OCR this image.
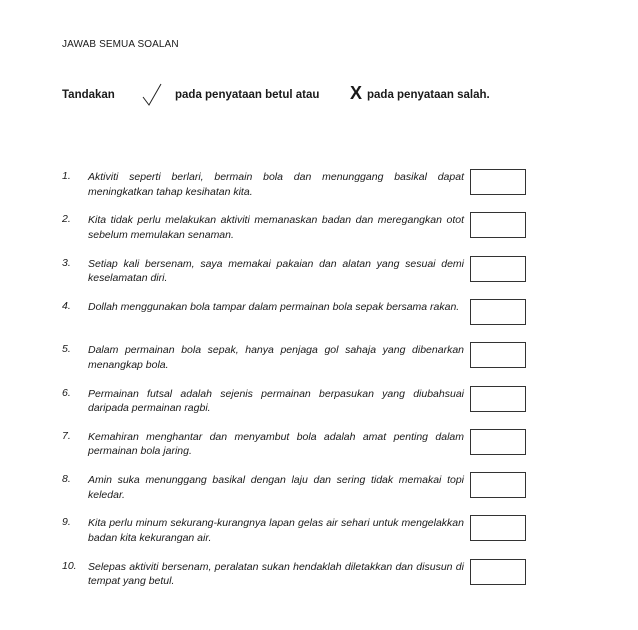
JAWAB SEMUA SOALAN
Tandakan	pada penyataan betul atau X pada penyataan salah.
1. Aktiviti seperti berlari, bermain bola dan menunggang basikal dapat meningkatkan tahap kesihatan kita.
2. Kita tidak perlu melakukan aktiviti memanaskan badan dan meregangkan otot sebelum memulakan senaman.
3. Setiap kali bersenam, saya memakai pakaian dan alatan yang sesuai demi keselamatan diri.
4. Dollah menggunakan bola tampar dalam permainan bola sepak bersama rakan.
5. Dalam permainan bola sepak, hanya penjaga gol sahaja yang dibenarkan menangkap bola.
6. Permainan futsal adalah sejenis permainan berpasukan yang diubahsuai daripada permainan ragbi.
7. Kemahiran menghantar dan menyambut bola adalah amat penting dalam permainan bola jaring.
8. Amin suka menunggang basikal dengan laju dan sering tidak memakai topi keledar.
9. Kita perlu minum sekurang-kurangnya lapan gelas air sehari untuk mengelakkan badan kita kekurangan air.
10. Selepas aktiviti bersenam, peralatan sukan hendaklah diletakkan dan disusun di tempat yang betul.
